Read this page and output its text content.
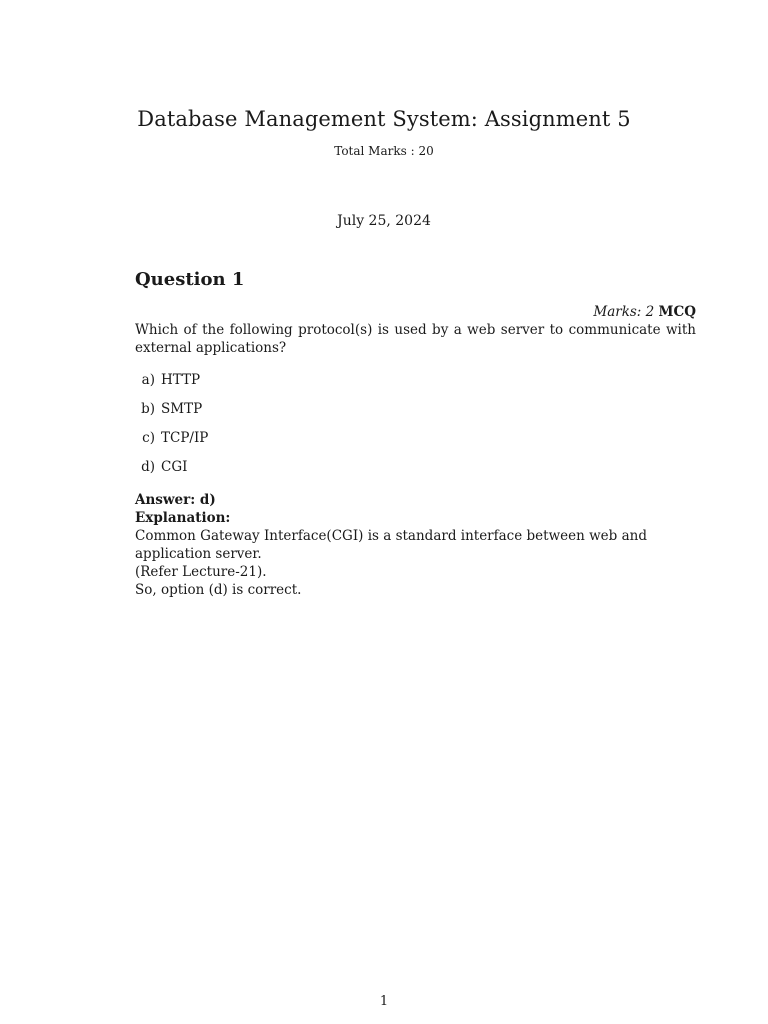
Database Management System: Assignment 5
Total Marks : 20
July 25, 2024
Question 1
Marks: 2 MCQ
Which of the following protocol(s) is used by a web server to communicate with external applications?
a) HTTP
b) SMTP
c) TCP/IP
d) CGI
Answer: d)
Explanation:
Common Gateway Interface(CGI) is a standard interface between web and application server.
(Refer Lecture-21).
So, option (d) is correct.
1
